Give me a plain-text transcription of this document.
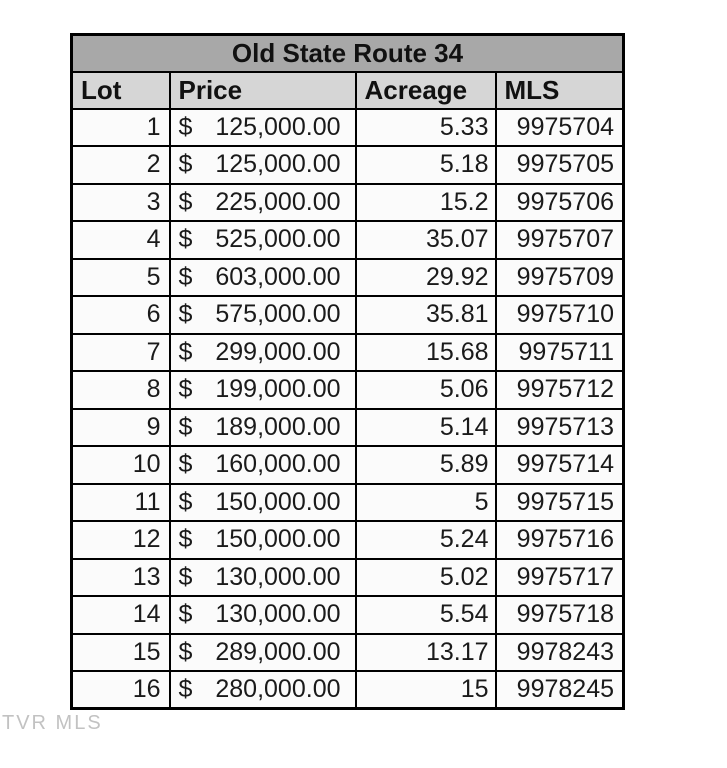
Old State Route 34			
Lot	Price	Acreage	MLS
1	$ 125,000.00	5.33	9975704
2	$ 125,000.00	5.18	9975705
3	$ 225,000.00	15.2	9975706
4	$ 525,000.00	35.07	9975707
5	$ 603,000.00	29.92	9975709
6	$ 575,000.00	35.81	9975710
7	$ 299,000.00	15.68	9975711
8	$ 199,000.00	5.06	9975712
9	$ 189,000.00	5.14	9975713
10	$ 160,000.00	5.89	9975714
11	$ 150,000.00	5	9975715
12	$ 150,000.00	5.24	9975716
13	$ 130,000.00	5.02	9975717
14	$ 130,000.00	5.54	9975718
15	$ 289,000.00	13.17	9978243
16	$ 280,000.00	15	9978245
TVR MLS
